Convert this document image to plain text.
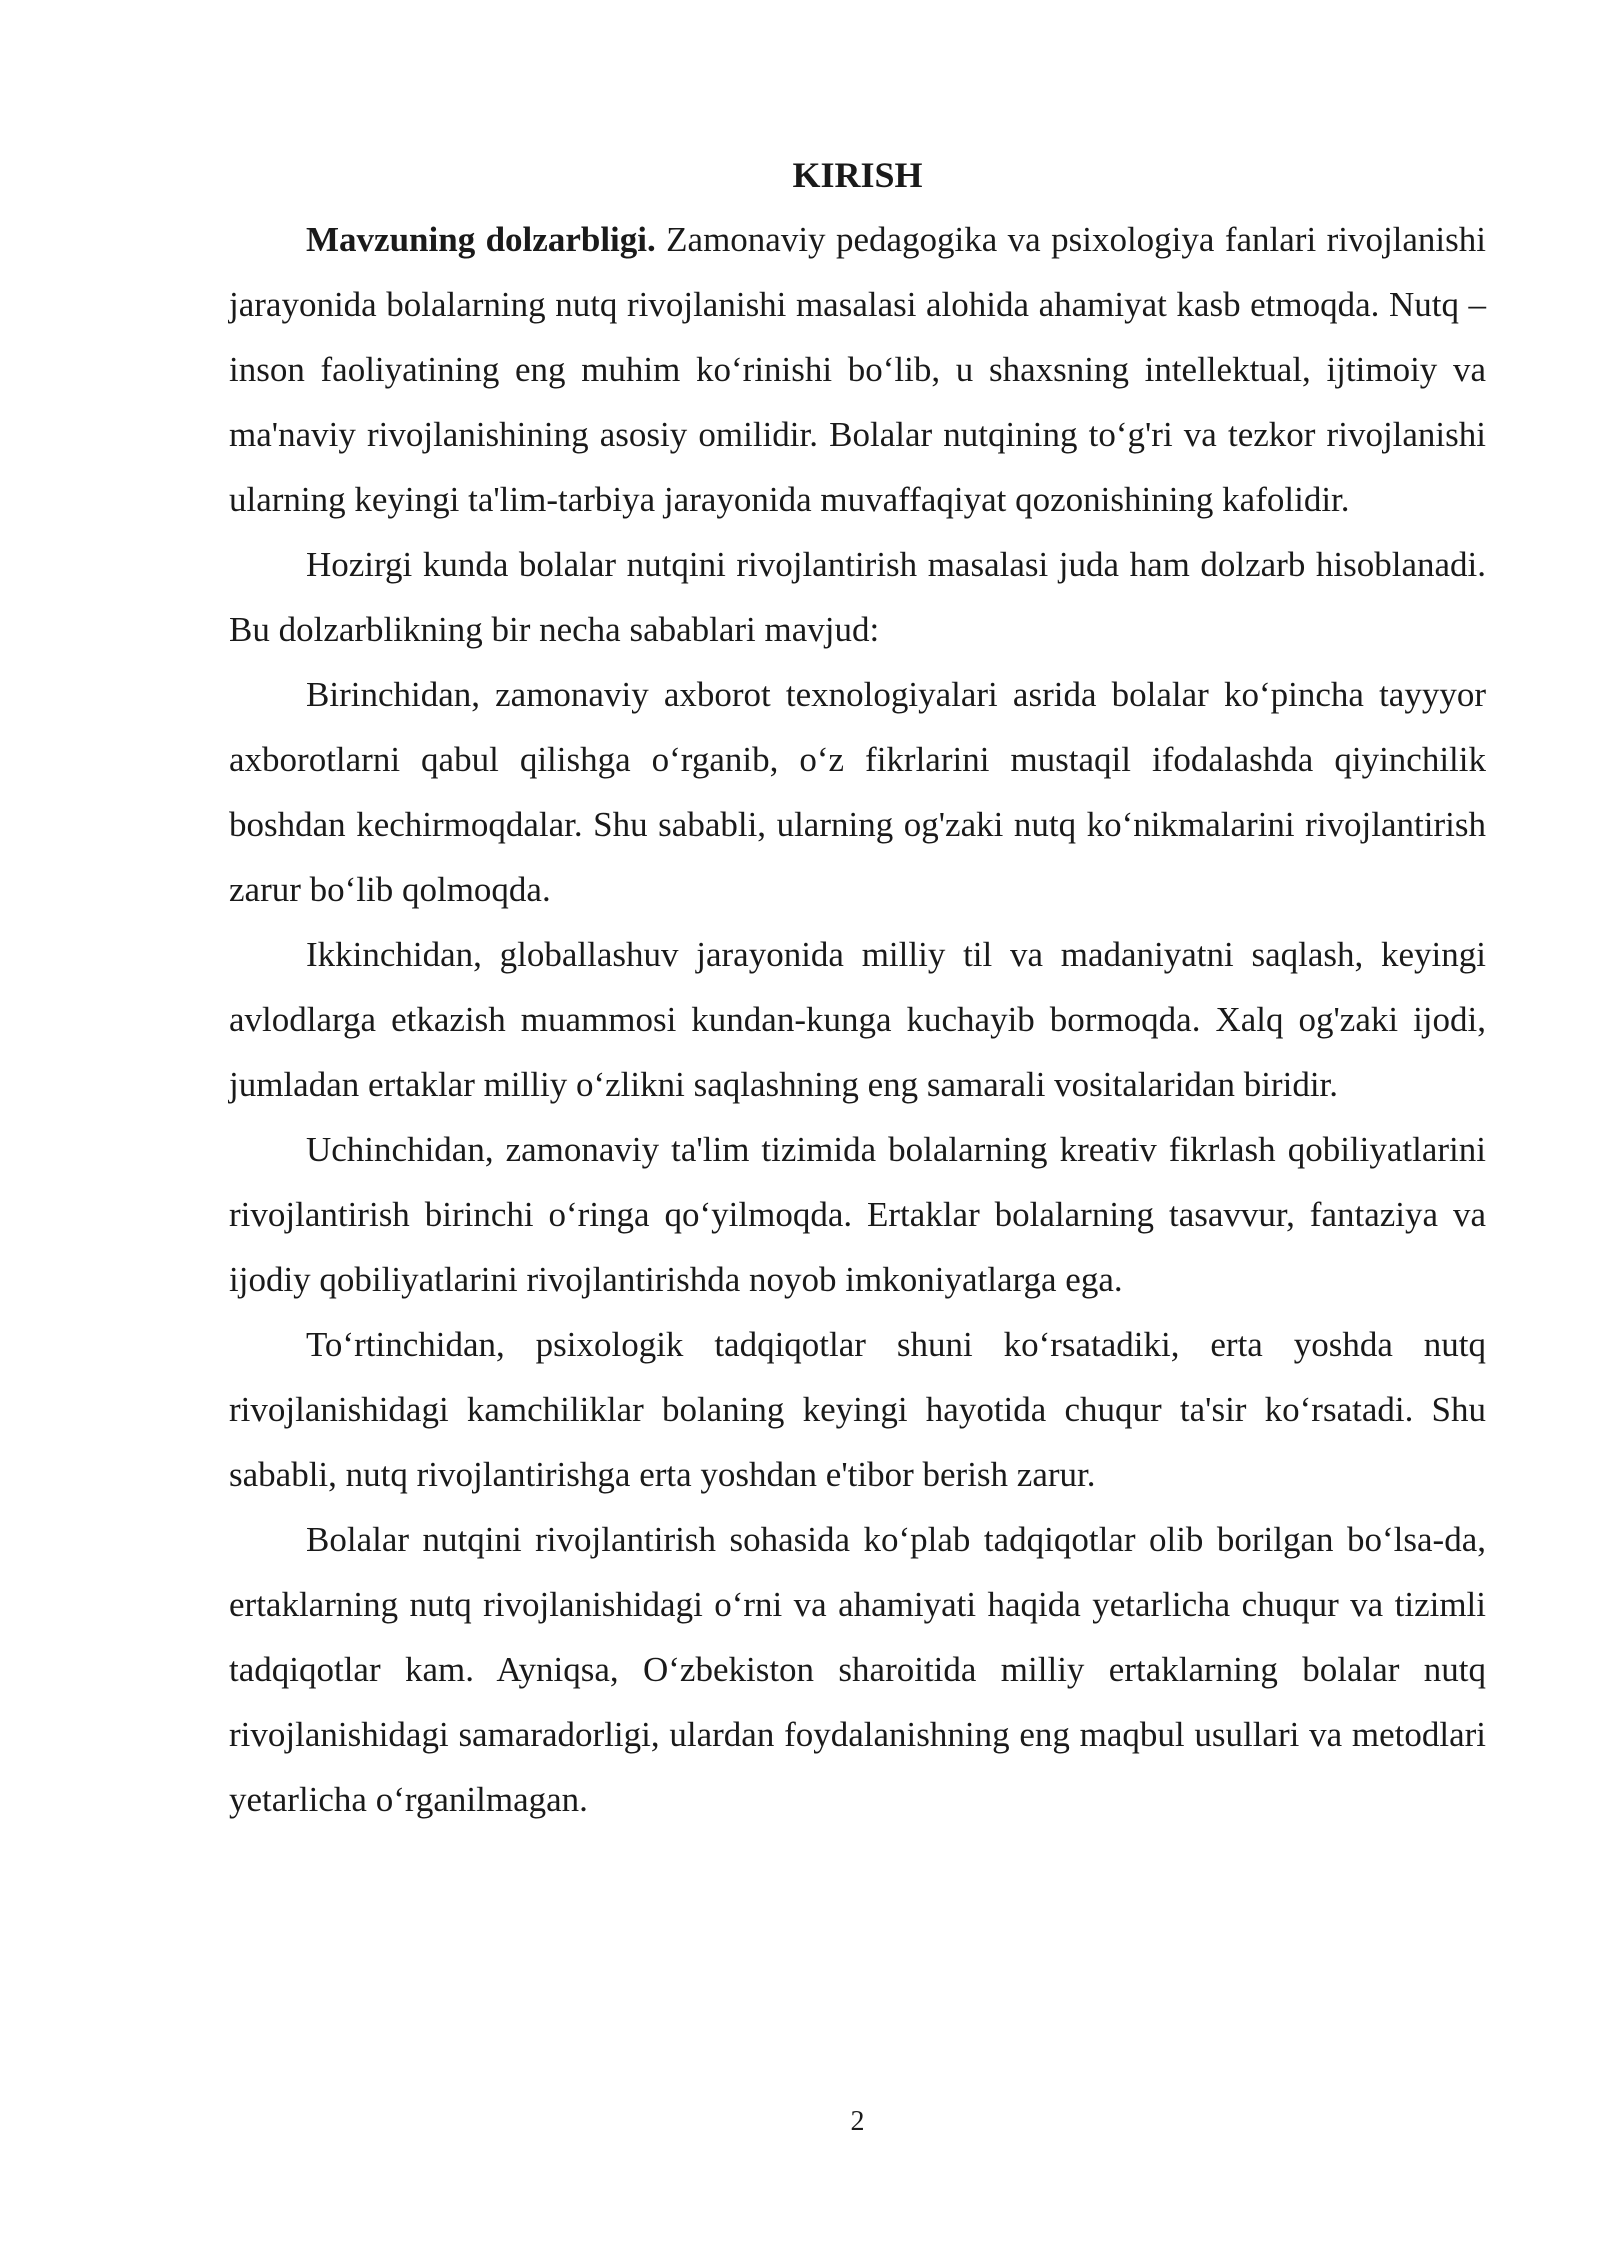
KIRISH

Mavzuning dolzarbligi. Zamonaviy pedagogika va psixologiya fanlari rivojlanishi jarayonida bolalarning nutq rivojlanishi masalasi alohida ahamiyat kasb etmoqda. Nutq – inson faoliyatining eng muhim koʻrinishi boʻlib, u shaxsning intellektual, ijtimoiy va ma'naviy rivojlanishining asosiy omilidir. Bolalar nutqining toʻg'ri va tezkor rivojlanishi ularning keyingi ta'lim-tarbiya jarayonida muvaffaqiyat qozonishining kafolidir.

Hozirgi kunda bolalar nutqini rivojlantirish masalasi juda ham dolzarb hisoblanadi. Bu dolzarblikning bir necha sabablari mavjud:

Birinchidan, zamonaviy axborot texnologiyalari asrida bolalar koʻpincha tayyyor axborotlarni qabul qilishga oʻrganib, oʻz fikrlarini mustaqil ifodalashda qiyinchilik boshdan kechirmoqdalar. Shu sababli, ularning og'zaki nutq koʻnikmalarini rivojlantirish zarur boʻlib qolmoqda.

Ikkinchidan, globallashuv jarayonida milliy til va madaniyatni saqlash, keyingi avlodlarga etkazish muammosi kundan-kunga kuchayib bormoqda. Xalq og'zaki ijodi, jumladan ertaklar milliy oʻzlikni saqlashning eng samarali vositalaridan biridir.

Uchinchidan, zamonaviy ta'lim tizimida bolalarning kreativ fikrlash qobiliyatlarini rivojlantirish birinchi oʻringa qoʻyilmoqda. Ertaklar bolalarning tasavvur, fantaziya va ijodiy qobiliyatlarini rivojlantirishda noyob imkoniyatlarga ega.

Toʻrtinchidan, psixologik tadqiqotlar shuni koʻrsatadiki, erta yoshda nutq rivojlanishidagi kamchiliklar bolaning keyingi hayotida chuqur ta'sir koʻrsatadi. Shu sababli, nutq rivojlantirishga erta yoshdan e'tibor berish zarur.

Bolalar nutqini rivojlantirish sohasida koʻplab tadqiqotlar olib borilgan boʻlsa-da, ertaklarning nutq rivojlanishidagi oʻrni va ahamiyati haqida yetarlicha chuqur va tizimli tadqiqotlar kam. Ayniqsa, Oʻzbekiston sharoitida milliy ertaklarning bolalar nutq rivojlanishidagi samaradorligi, ulardan foydalanishning eng maqbul usullari va metodlari yetarlicha oʻrganilmagan.

2
